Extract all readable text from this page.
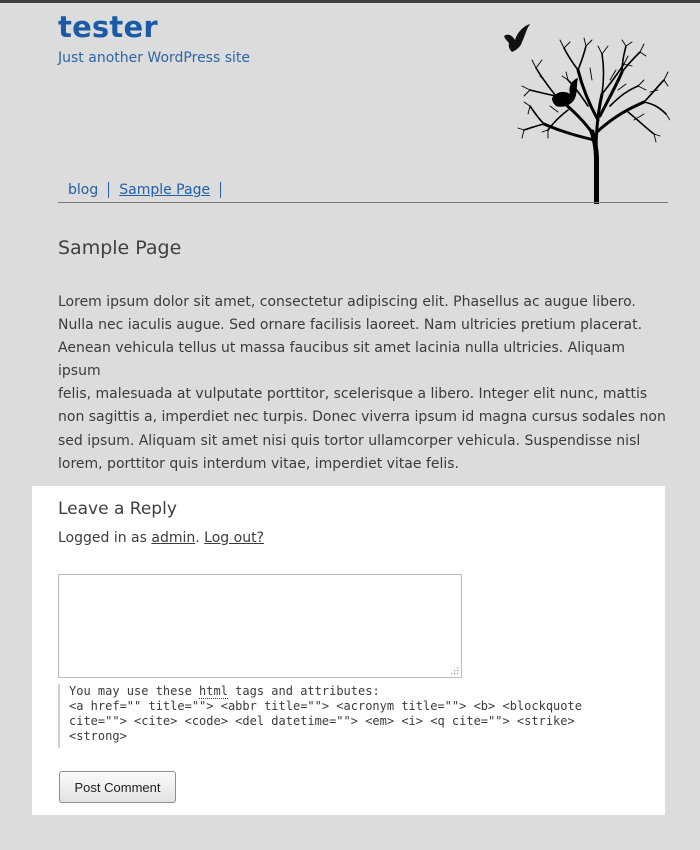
tester
Just another WordPress site
blog	Sample Page
Sample Page

Lorem ipsum dolor sit amet, consectetur adipiscing elit. Phasellus ac augue libero.
Nulla nec iaculis augue. Sed ornare facilisis laoreet. Nam ultricies pretium placerat.
Aenean vehicula tellus ut massa faucibus sit amet lacinia nulla ultricies. Aliquam ipsum
felis, malesuada at vulputate porttitor, scelerisque a libero. Integer elit nunc, mattis
non sagittis a, imperdiet nec turpis. Donec viverra ipsum id magna cursus sodales non
sed ipsum. Aliquam sit amet nisi quis tortor ullamcorper vehicula. Suspendisse nisl
lorem, porttitor quis interdum vitae, imperdiet vitae felis.

Leave a Reply
Logged in as admin. Log out?
You may use these html tags and attributes:
<a href="" title=""> <abbr title=""> <acronym title=""> <b> <blockquote cite=""> <cite> <code> <del datetime=""> <em> <i> <q cite=""> <strike> <strong>
Post Comment
